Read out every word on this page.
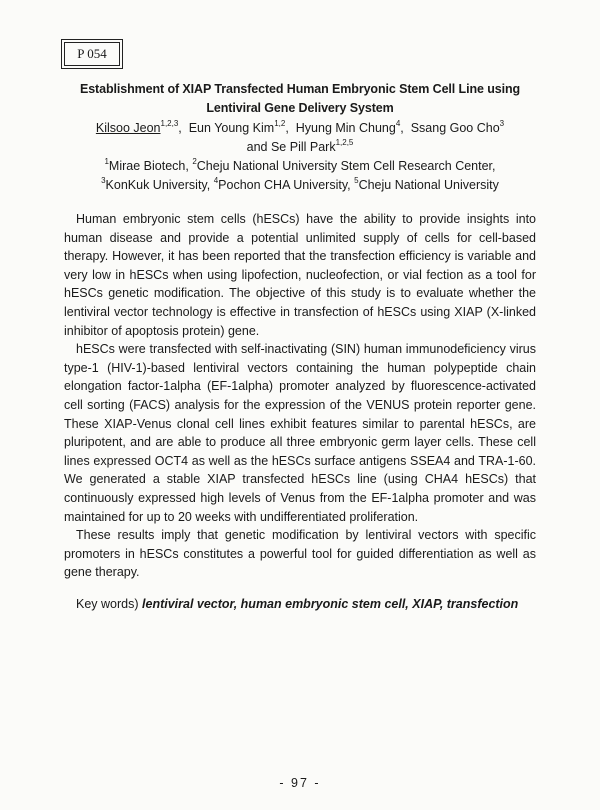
P 054
Establishment of XIAP Transfected Human Embryonic Stem Cell Line using
Lentiviral Gene Delivery System
Kilsoo Jeon$^{1,2,3}$,  Eun Young Kim$^{1,2}$,  Hyung Min Chung$^4$,  Ssang Goo Cho$^3$
and Se Pill Park$^{1,2,5}$
$^1$Mirae Biotech, $^2$Cheju National University Stem Cell Research Center,
$^3$KonKuk University, $^4$Pochon CHA University, $^5$Cheju National University

Human embryonic stem cells (hESCs) have the ability to provide insights into human disease and provide a potential unlimited supply of cells for cell-based therapy. However, it has been reported that the transfection efficiency is variable and very low in hESCs when using lipofection, nucleofection, or vial fection as a tool for hESCs genetic modification. The objective of this study is to evaluate whether the lentiviral vector technology is effective in transfection of hESCs using XIAP (X-linked inhibitor of apoptosis protein) gene.

hESCs were transfected with self-inactivating (SIN) human immunodeficiency virus type-1 (HIV-1)-based lentiviral vectors containing the human polypeptide chain elongation factor-1alpha (EF-1alpha) promoter analyzed by fluorescence-activated cell sorting (FACS) analysis for the expression of the VENUS protein reporter gene. These XIAP-Venus clonal cell lines exhibit features similar to parental hESCs, are pluripotent, and are able to produce all three embryonic germ layer cells. These cell lines expressed OCT4 as well as the hESCs surface antigens SSEA4 and TRA-1-60. We generated a stable XIAP transfected hESCs line (using CHA4 hESCs) that continuously expressed high levels of Venus from the EF-1alpha promoter and was maintained for up to 20 weeks with undifferentiated proliferation.

These results imply that genetic modification by lentiviral vectors with specific promoters in hESCs constitutes a powerful tool for guided differentiation as well as gene therapy.

Key words) lentiviral vector, human embryonic stem cell, XIAP, transfection
- 97 -
